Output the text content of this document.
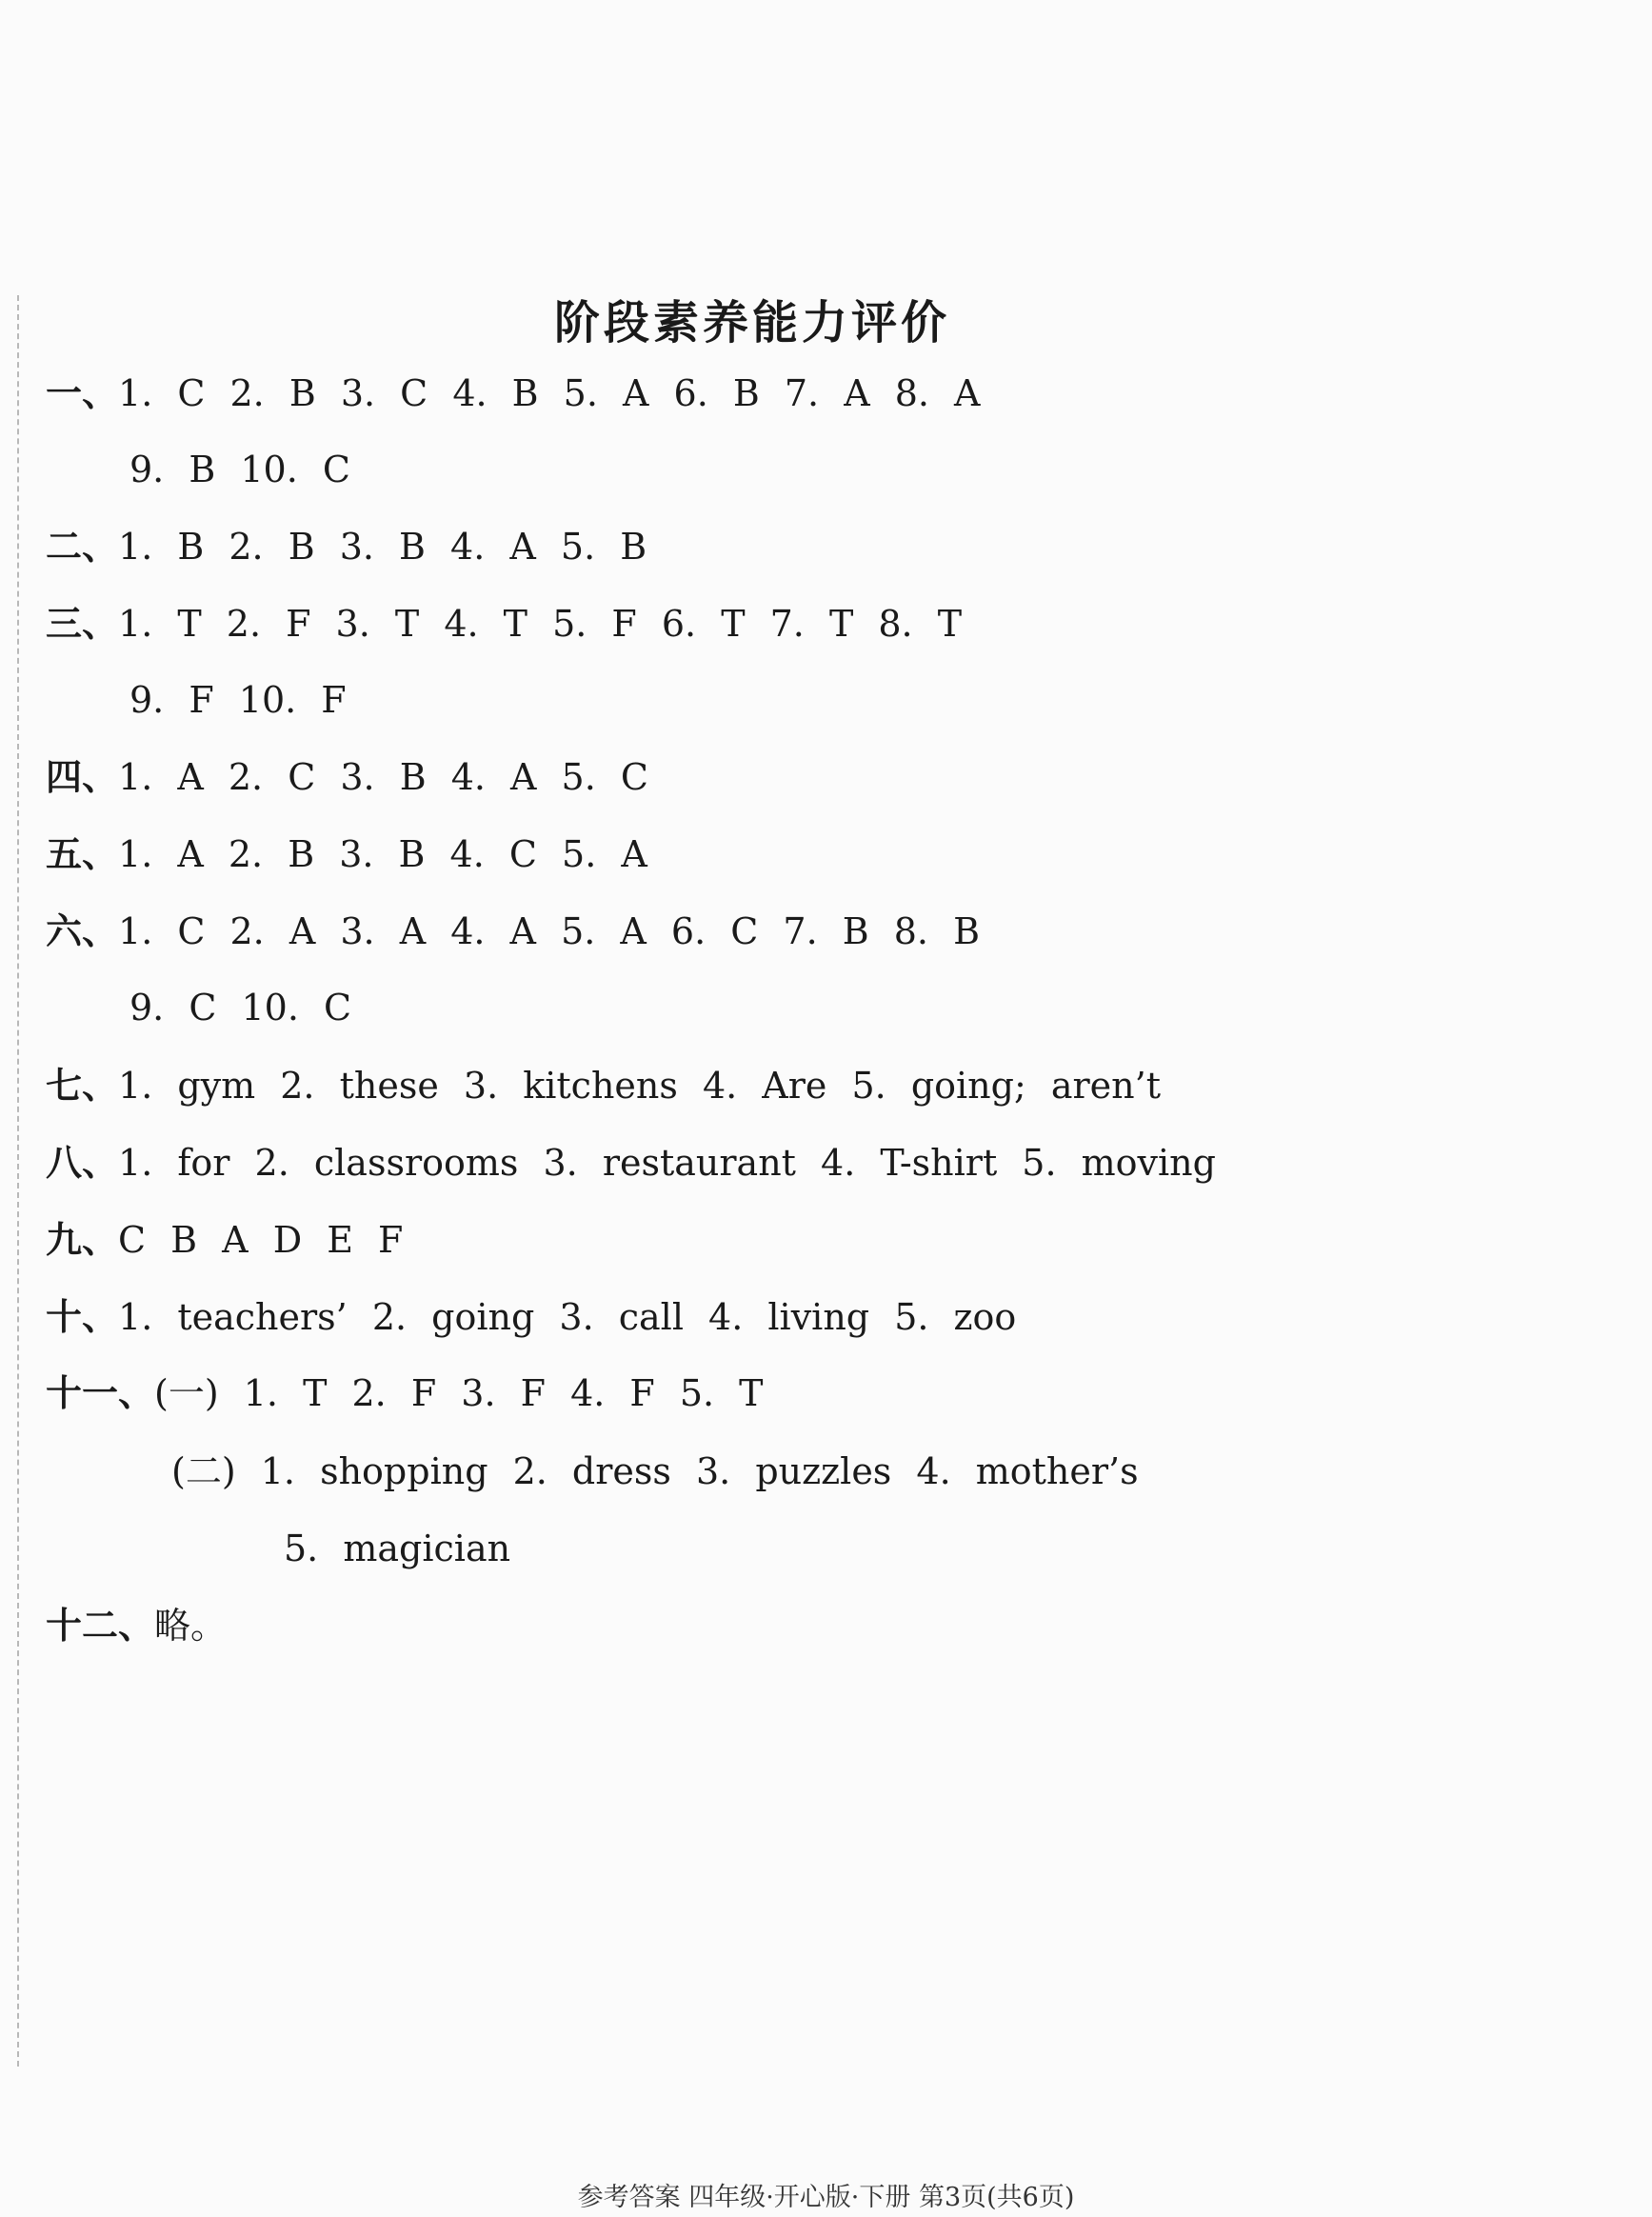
阶段素养能力评价
一、1. C 2. B 3. C 4. B 5. A 6. B 7. A 8. A
9. B 10. C
二、1. B 2. B 3. B 4. A 5. B
三、1. T 2. F 3. T 4. T 5. F 6. T 7. T 8. T
9. F 10. F
四、1. A 2. C 3. B 4. A 5. C
五、1. A 2. B 3. B 4. C 5. A
六、1. C 2. A 3. A 4. A 5. A 6. C 7. B 8. B
9. C 10. C
七、1. gym 2. these 3. kitchens 4. Are 5. going; aren’t
八、1. for 2. classrooms 3. restaurant 4. T-shirt 5. moving
九、C B A D E F
十、1. teachers’ 2. going 3. call 4. living 5. zoo
十一、(一) 1. T 2. F 3. F 4. F 5. T
(二) 1. shopping 2. dress 3. puzzles 4. mother’s
5. magician
十二、略。
参考答案 四年级·开心版·下册 第3页(共6页)
